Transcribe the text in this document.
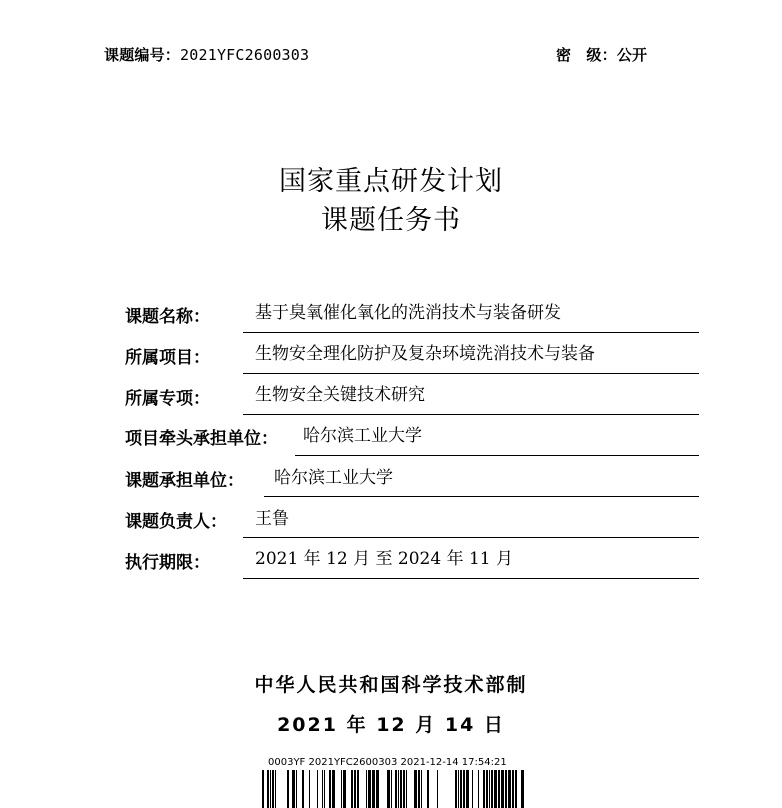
课题编号：2021YFC2600303	密　级：公开
国家重点研发计划
课题任务书
课题名称：	基于臭氧催化氧化的洗消技术与装备研发
所属项目：	生物安全理化防护及复杂环境洗消技术与装备
所属专项：	生物安全关键技术研究
项目牵头承担单位： 哈尔滨工业大学
课题承担单位： 哈尔滨工业大学
课题负责人： 王鲁
执行期限：	2021 年 12 月 至 2024 年 11 月
中华人民共和国科学技术部制
2021 年 12 月 14 日
0003YF 2021YFC2600303 2021-12-14 17:54:21
